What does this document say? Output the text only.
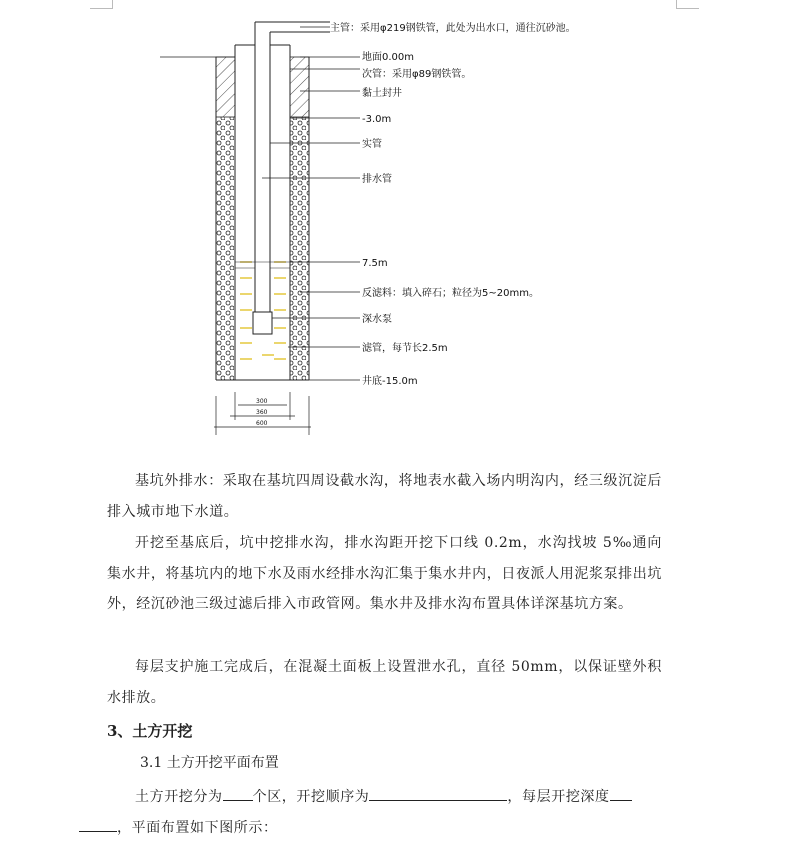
主管：采用φ219钢铁管，此处为出水口，通往沉砂池。
地面0.00m
次管：采用φ89钢铁管。
黏土封井
-3.0m
实管
排水管
7.5m
反滤料：填入碎石；粒径为5~20mm。
深水泵
滤管，每节长2.5m
井底-15.0m
300
360
600

基坑外排水：采取在基坑四周设截水沟，将地表水截入场内明沟内，经三级沉淀后排入城市地下水道。

开挖至基底后，坑中挖排水沟，排水沟距开挖下口线 0.2m，水沟找坡 5‰通向集水井，将基坑内的地下水及雨水经排水沟汇集于集水井内，日夜派人用泥浆泵排出坑外，经沉砂池三级过滤后排入市政管网。集水井及排水沟布置具体详深基坑方案。

每层支护施工完成后，在混凝土面板上设置泄水孔，直径 50mm，以保证壁外积水排放。

3、土方开挖

3.1 土方开挖平面布置

土方开挖分为 个区，开挖顺序为	，每层开挖深度
，平面布置如下图所示：
